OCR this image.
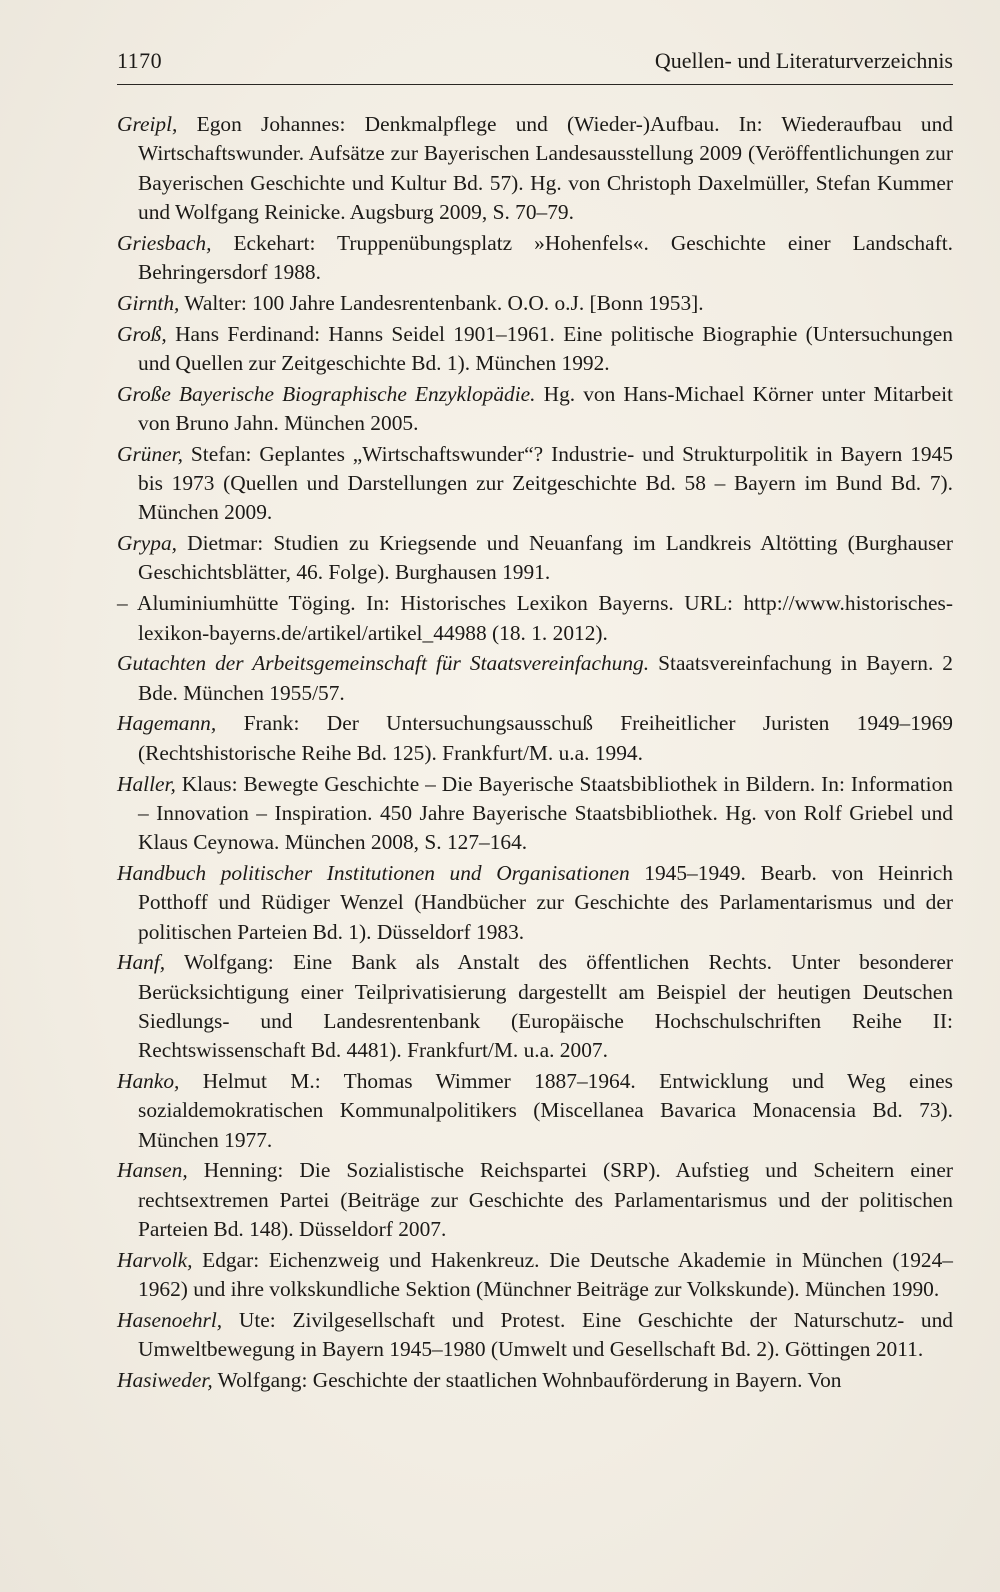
1170	Quellen- und Literaturverzeichnis

Greipl, Egon Johannes: Denkmalpflege und (Wieder-)Aufbau. In: Wiederaufbau und Wirtschaftswunder. Aufsätze zur Bayerischen Landesausstellung 2009 (Veröffentlichungen zur Bayerischen Geschichte und Kultur Bd. 57). Hg. von Christoph Daxelmüller, Stefan Kummer und Wolfgang Reinicke. Augsburg 2009, S. 70–79.

Griesbach, Eckehart: Truppenübungsplatz »Hohenfels«. Geschichte einer Landschaft. Behringersdorf 1988.

Girnth, Walter: 100 Jahre Landesrentenbank. O.O. o.J. [Bonn 1953].

Groß, Hans Ferdinand: Hanns Seidel 1901–1961. Eine politische Biographie (Untersuchungen und Quellen zur Zeitgeschichte Bd. 1). München 1992.

Große Bayerische Biographische Enzyklopädie. Hg. von Hans-Michael Körner unter Mitarbeit von Bruno Jahn. München 2005.

Grüner, Stefan: Geplantes „Wirtschaftswunder“? Industrie- und Strukturpolitik in Bayern 1945 bis 1973 (Quellen und Darstellungen zur Zeitgeschichte Bd. 58 – Bayern im Bund Bd. 7). München 2009.

Grypa, Dietmar: Studien zu Kriegsende und Neuanfang im Landkreis Altötting (Burghauser Geschichtsblätter, 46. Folge). Burghausen 1991.

– Aluminiumhütte Töging. In: Historisches Lexikon Bayerns. URL: http://www.historisches-lexikon-bayerns.de/artikel/artikel_44988 (18. 1. 2012).

Gutachten der Arbeitsgemeinschaft für Staatsvereinfachung. Staatsvereinfachung in Bayern. 2 Bde. München 1955/57.

Hagemann, Frank: Der Untersuchungsausschuß Freiheitlicher Juristen 1949–1969 (Rechtshistorische Reihe Bd. 125). Frankfurt/M. u.a. 1994.

Haller, Klaus: Bewegte Geschichte – Die Bayerische Staatsbibliothek in Bildern. In: Information – Innovation – Inspiration. 450 Jahre Bayerische Staatsbibliothek. Hg. von Rolf Griebel und Klaus Ceynowa. München 2008, S. 127–164.

Handbuch politischer Institutionen und Organisationen 1945–1949. Bearb. von Heinrich Potthoff und Rüdiger Wenzel (Handbücher zur Geschichte des Parlamentarismus und der politischen Parteien Bd. 1). Düsseldorf 1983.

Hanf, Wolfgang: Eine Bank als Anstalt des öffentlichen Rechts. Unter besonderer Berücksichtigung einer Teilprivatisierung dargestellt am Beispiel der heutigen Deutschen Siedlungs- und Landesrentenbank (Europäische Hochschulschriften Reihe II: Rechtswissenschaft Bd. 4481). Frankfurt/M. u.a. 2007.

Hanko, Helmut M.: Thomas Wimmer 1887–1964. Entwicklung und Weg eines sozialdemokratischen Kommunalpolitikers (Miscellanea Bavarica Monacensia Bd. 73). München 1977.

Hansen, Henning: Die Sozialistische Reichspartei (SRP). Aufstieg und Scheitern einer rechtsextremen Partei (Beiträge zur Geschichte des Parlamentarismus und der politischen Parteien Bd. 148). Düsseldorf 2007.

Harvolk, Edgar: Eichenzweig und Hakenkreuz. Die Deutsche Akademie in München (1924–1962) und ihre volkskundliche Sektion (Münchner Beiträge zur Volkskunde). München 1990.

Hasenoehrl, Ute: Zivilgesellschaft und Protest. Eine Geschichte der Naturschutz- und Umweltbewegung in Bayern 1945–1980 (Umwelt und Gesellschaft Bd. 2). Göttingen 2011.

Hasiweder, Wolfgang: Geschichte der staatlichen Wohnbauförderung in Bayern. Von
